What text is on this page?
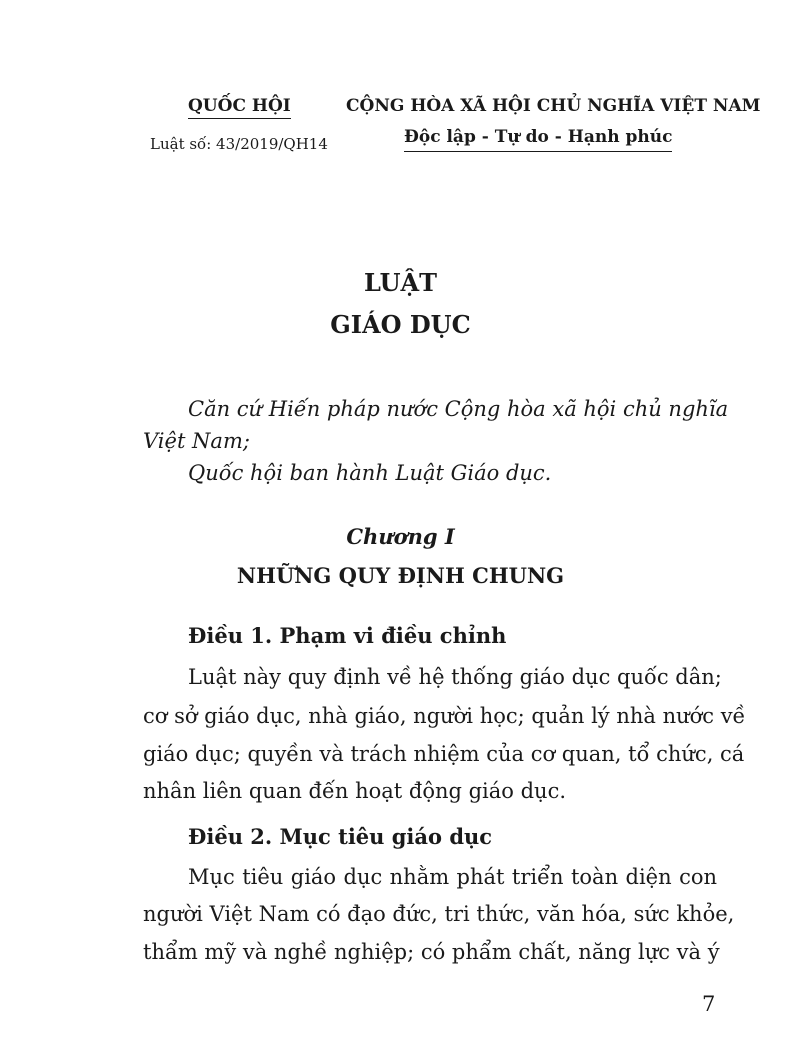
QUỐC HỘI
Luật số: 43/2019/QH14
CỘNG HÒA XÃ HỘI CHỦ NGHĨA VIỆT NAM
Độc lập - Tự do - Hạnh phúc
LUẬT
GIÁO DỤC
Căn cứ Hiến pháp nước Cộng hòa xã hội chủ nghĩa
Việt Nam;
Quốc hội ban hành Luật Giáo dục.
Chương I
NHỮNG QUY ĐỊNH CHUNG
Điều 1. Phạm vi điều chỉnh
Luật này quy định về hệ thống giáo dục quốc dân;
cơ sở giáo dục, nhà giáo, người học; quản lý nhà nước về
giáo dục; quyền và trách nhiệm của cơ quan, tổ chức, cá
nhân liên quan đến hoạt động giáo dục.
Điều 2. Mục tiêu giáo dục
Mục tiêu giáo dục nhằm phát triển toàn diện con
người Việt Nam có đạo đức, tri thức, văn hóa, sức khỏe,
thẩm mỹ và nghề nghiệp; có phẩm chất, năng lực và ý
7
